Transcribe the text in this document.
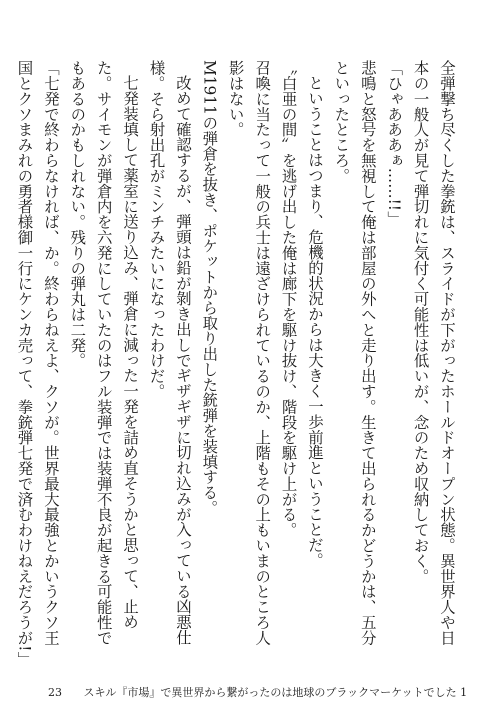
全弾撃ち尽くした拳銃は、スライドが下がったホールドオープン状態。異世界人や日本の一般人が見て弾切れに気付く可能性は低いが、念のため収納しておく。

「ひゃあああぁ……!!」

悲鳴と怒号を無視して俺は部屋の外へと走り出す。生きて出られるかどうかは、五分といったところ。

ということはつまり、危機的状況からは大きく一歩前進ということだ。

〝白亜の間〟を逃げ出した俺は廊下を駆け抜け、階段を駆け上がる。

召喚に当たって一般の兵士は遠ざけられているのか、上階もその上もいまのところ人影はない。

M1911の弾倉を抜き、ポケットから取り出した銃弾を装填する。

改めて確認するが、弾頭は鉛が剝き出しでギザギザに切れ込みが入っている凶悪仕様。そら射出孔がミンチみたいになったわけだ。

七発装填して薬室に送り込み、弾倉に減った一発を詰め直そうかと思って、止めた。サイモンが弾倉内を六発にしていたのはフル装弾では装弾不良が起きる可能性でもあるのかもしれない。残りの弾丸は二発。

「七発で終わらなければ、か。終わらねえよ、クソが。世界最大最強とかいうクソ王国とクソまみれの勇者様御一行にケンカ売って、拳銃弾七発で済むわけねえだろうが!」

23 スキル『市場』で異世界から繋がったのは地球のブラックマーケットでした 1
